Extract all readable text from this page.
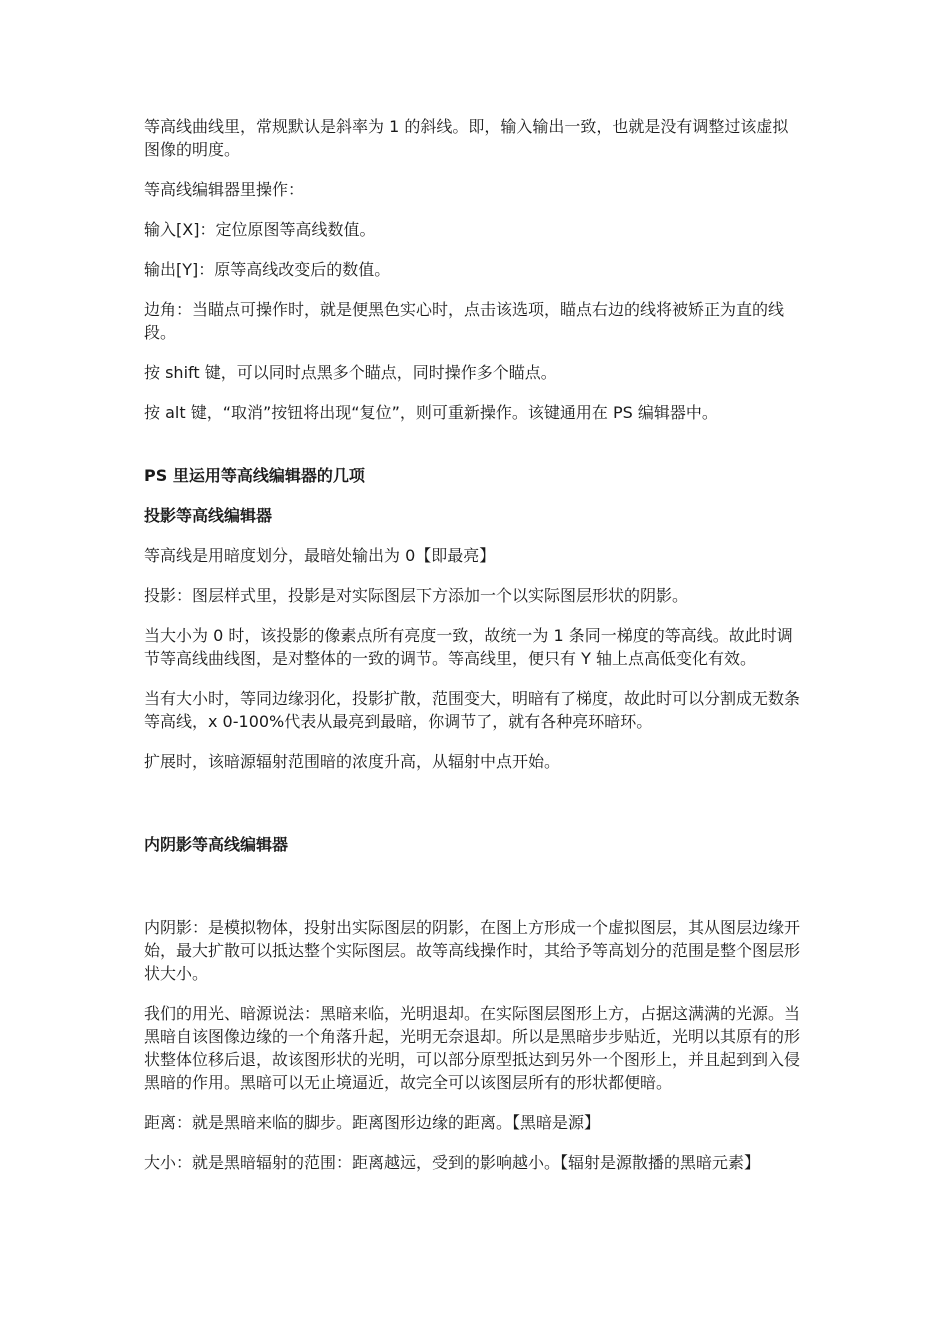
等高线曲线里，常规默认是斜率为 1 的斜线。即，输入输出一致，也就是没有调整过该虚拟图像的明度。

等高线编辑器里操作：

输入[X]：定位原图等高线数值。

输出[Y]：原等高线改变后的数值。

边角：当瞄点可操作时，就是便黑色实心时，点击该选项，瞄点右边的线将被矫正为直的线段。

按 shift 键，可以同时点黑多个瞄点，同时操作多个瞄点。

按 alt 键，“取消”按钮将出现“复位”，则可重新操作。该键通用在 PS 编辑器中。

PS 里运用等高线编辑器的几项
投影等高线编辑器

等高线是用暗度划分，最暗处输出为 0【即最亮】

投影：图层样式里，投影是对实际图层下方添加一个以实际图层形状的阴影。

当大小为 0 时，该投影的像素点所有亮度一致，故统一为 1 条同一梯度的等高线。故此时调节等高线曲线图，是对整体的一致的调节。等高线里，便只有 Y 轴上点高低变化有效。

当有大小时，等同边缘羽化，投影扩散，范围变大，明暗有了梯度，故此时可以分割成无数条等高线，x 0-100%代表从最亮到最暗，你调节了，就有各种亮环暗环。

扩展时，该暗源辐射范围暗的浓度升高，从辐射中点开始。

内阴影等高线编辑器

内阴影：是模拟物体，投射出实际图层的阴影，在图上方形成一个虚拟图层，其从图层边缘开始，最大扩散可以抵达整个实际图层。故等高线操作时，其给予等高划分的范围是整个图层形状大小。

我们的用光、暗源说法：黑暗来临，光明退却。在实际图层图形上方，占据这满满的光源。当黑暗自该图像边缘的一个角落升起，光明无奈退却。所以是黑暗步步贴近，光明以其原有的形状整体位移后退，故该图形状的光明，可以部分原型抵达到另外一个图形上，并且起到到入侵黑暗的作用。黑暗可以无止境逼近，故完全可以该图层所有的形状都便暗。

距离：就是黑暗来临的脚步。距离图形边缘的距离。【黑暗是源】

大小：就是黑暗辐射的范围：距离越远，受到的影响越小。【辐射是源散播的黑暗元素】
